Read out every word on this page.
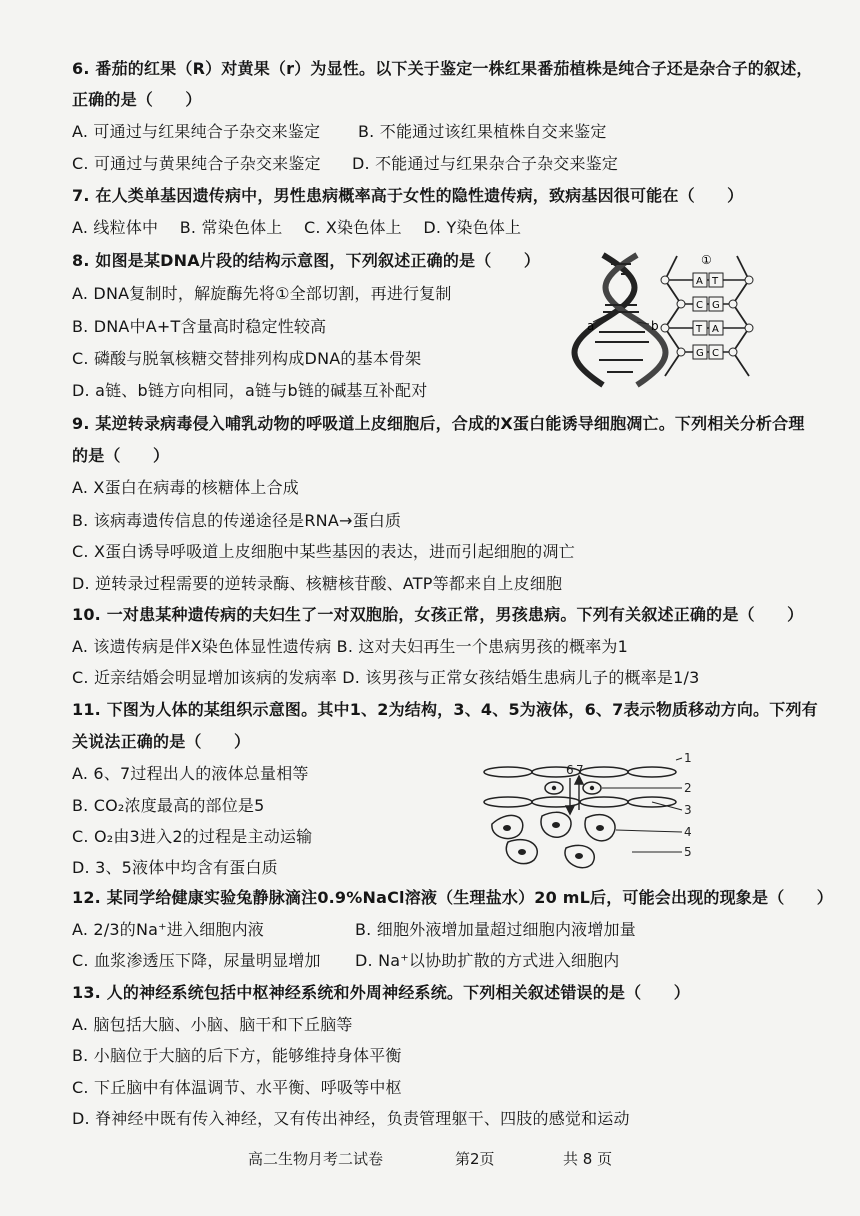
6. 番茄的红果（R）对黄果（r）为显性。以下关于鉴定一株红果番茄植株是纯合子还是杂合子的叙述，
正确的是（　　）
A. 可通过与红果纯合子杂交来鉴定 B. 不能通过该红果植株自交来鉴定
C. 可通过与黄果纯合子杂交来鉴定 D. 不能通过与红果杂合子杂交来鉴定
7. 在人类单基因遗传病中，男性患病概率高于女性的隐性遗传病，致病基因很可能在（　　）
A. 线粒体中　 B. 常染色体上　 C. X染色体上　 D. Y染色体上
8. 如图是某DNA片段的结构示意图，下列叙述正确的是（　　）
A. DNA复制时，解旋酶先将①全部切割，再进行复制
B. DNA中A+T含量高时稳定性较高
C. 磷酸与脱氧核糖交替排列构成DNA的基本骨架
D. a链、b链方向相同，a链与b链的碱基互补配对
a	b
①
A T
C G
T A
G C
9. 某逆转录病毒侵入哺乳动物的呼吸道上皮细胞后，合成的X蛋白能诱导细胞凋亡。下列相关分析合理
的是（　　）
A. X蛋白在病毒的核糖体上合成
B. 该病毒遗传信息的传递途径是RNA→蛋白质
C. X蛋白诱导呼吸道上皮细胞中某些基因的表达，进而引起细胞的凋亡
D. 逆转录过程需要的逆转录酶、核糖核苷酸、ATP等都来自上皮细胞
10. 一对患某种遗传病的夫妇生了一对双胞胎，女孩正常，男孩患病。下列有关叙述正确的是（　　）
A. 该遗传病是伴X染色体显性遗传病 B. 这对夫妇再生一个患病男孩的概率为1
C. 近亲结婚会明显增加该病的发病率 D. 该男孩与正常女孩结婚生患病儿子的概率是1/3
11. 下图为人体的某组织示意图。其中1、2为结构，3、4、5为液体，6、7表示物质移动方向。下列有
关说法正确的是（　　）
A. 6、7过程出人的液体总量相等
B. CO₂浓度最高的部位是5
C. O₂由3进入2的过程是主动运输
D. 3、5液体中均含有蛋白质
1
2
3
4
5
6 7
12. 某同学给健康实验兔静脉滴注0.9%NaCl溶液（生理盐水）20 mL后，可能会出现的现象是（　　）
A. 2/3的Na⁺进入细胞内液	B. 细胞外液增加量超过细胞内液增加量
C. 血浆渗透压下降，尿量明显增加 D. Na⁺以协助扩散的方式进入细胞内
13. 人的神经系统包括中枢神经系统和外周神经系统。下列相关叙述错误的是（　　）
A. 脑包括大脑、小脑、脑干和下丘脑等
B. 小脑位于大脑的后下方，能够维持身体平衡
C. 下丘脑中有体温调节、水平衡、呼吸等中枢
D. 脊神经中既有传入神经，又有传出神经，负责管理躯干、四肢的感觉和运动
高二生物月考二试卷	第2页	共 8 页
